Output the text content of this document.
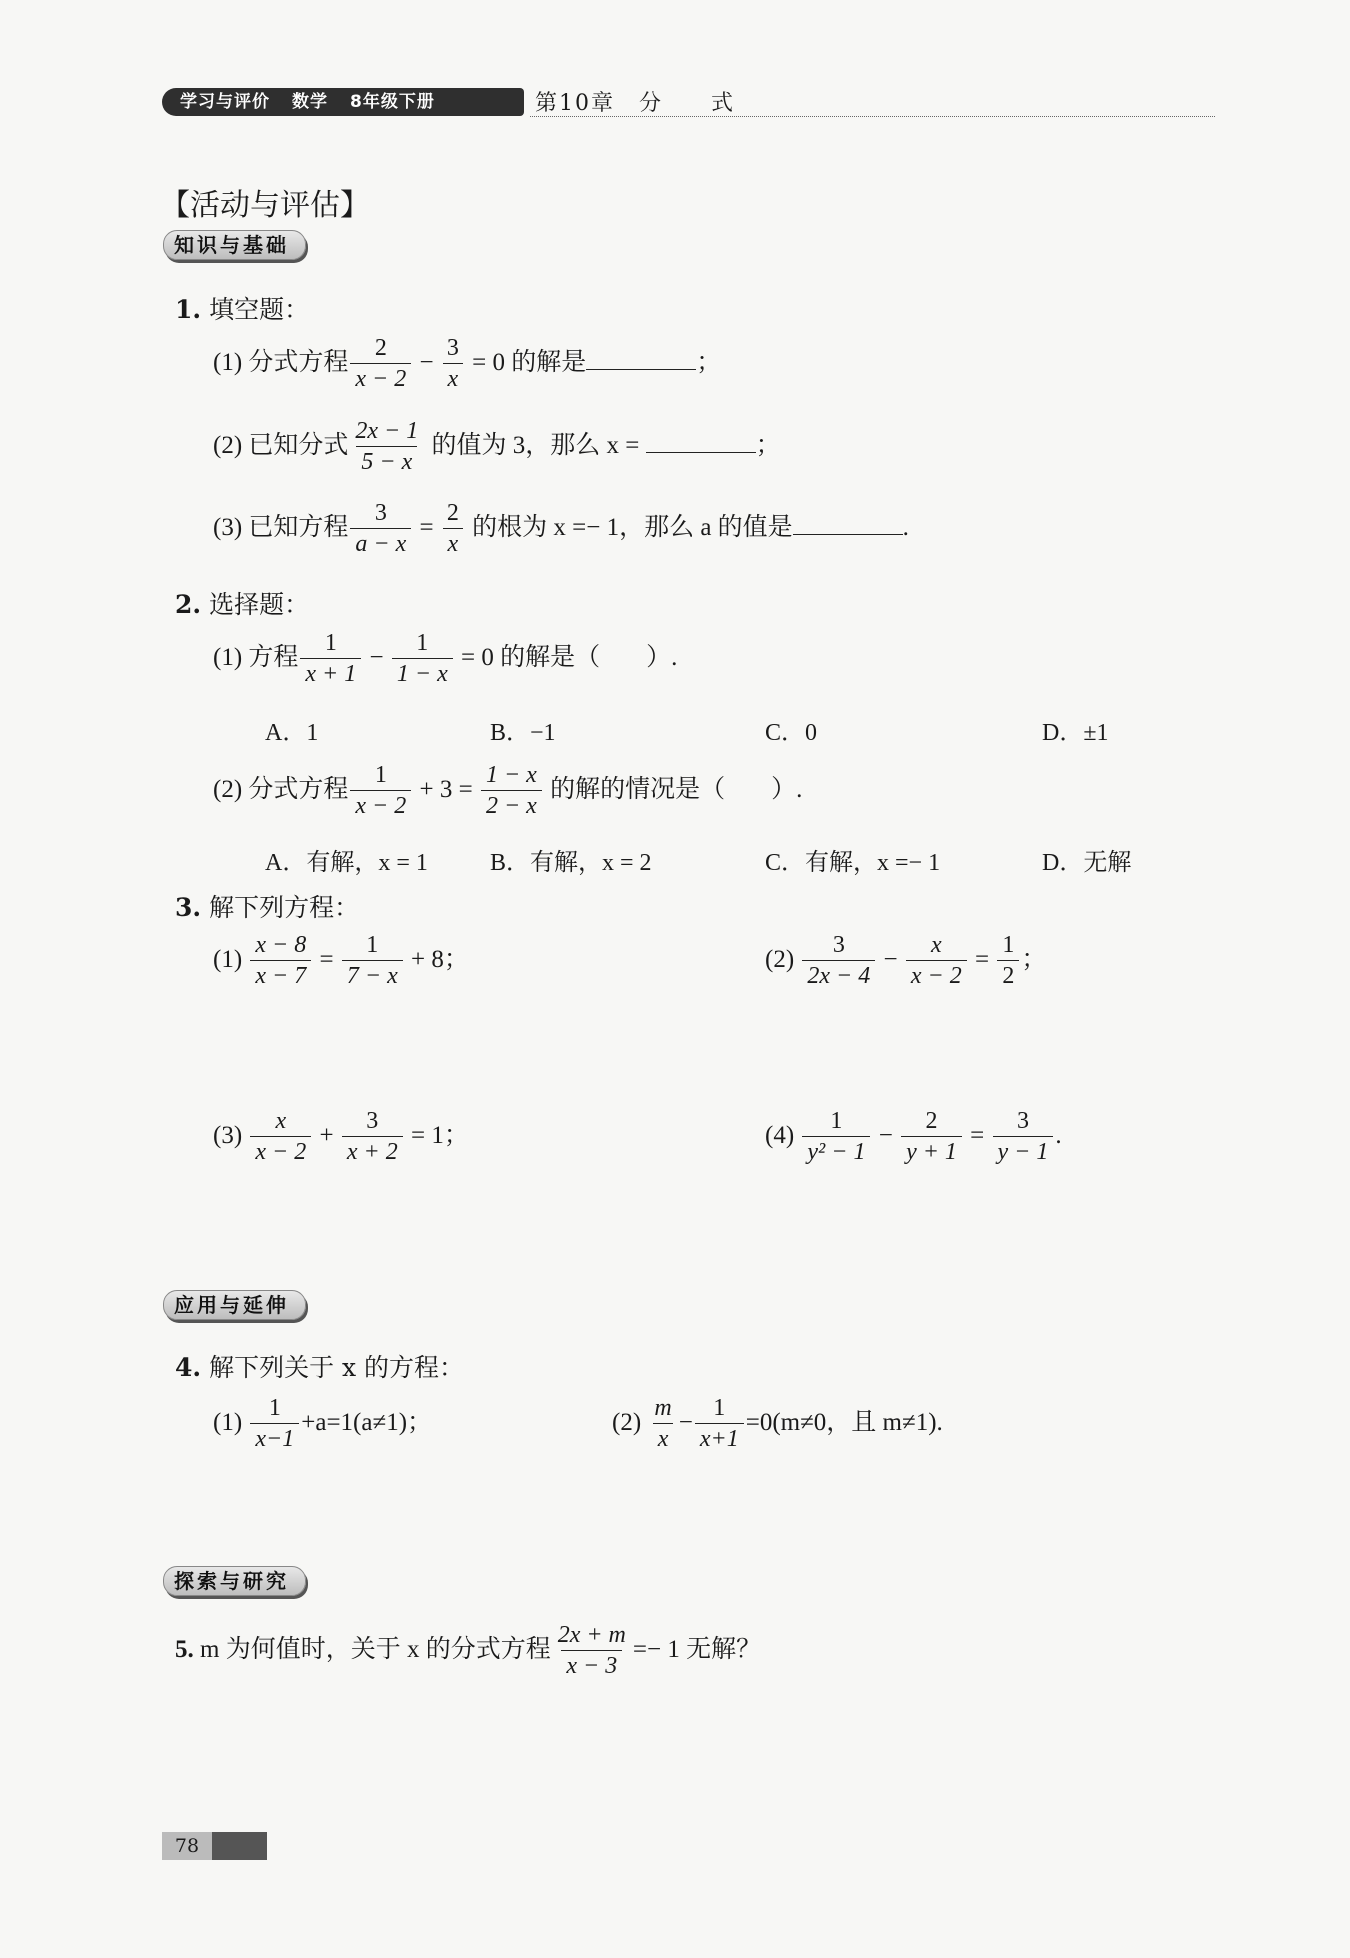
学习与评价 数学 8年级下册	第10章　分　　式
【活动与评估】
知识与基础
1. 填空题：
(1) 分式方程 $\frac{2}{x - 2} - \frac{3}{x} = 0$ 的解是	；
(2) 已知分式 $\frac{2x - 1}{5 - x}$ 的值为 3，那么 x =	；
(3) 已知方程 $\frac{3}{a - x} = \frac{2}{x}$ 的根为 x =− 1，那么 a 的值是	.
2. 选择题：
(1) 方程 $\frac{1}{x + 1} - \frac{1}{1 - x} = 0$ 的解是（ ）.
A．1	B．−1	C．0	D．±1
(2) 分式方程 $\frac{1}{x - 2} + 3 = \frac{1 - x}{2 - x}$ 的解的情况是（ ）.
A．有解，x = 1	B．有解，x = 2	C．有解，x =− 1	D．无解
3. 解下列方程：
$(1) \frac{x - 8}{x - 7} = \frac{1}{7 - x} + 8$；	$(2) \frac{3}{2x - 4} - \frac{x}{x - 2} = \frac{1}{2}$ ；
$(3) \frac{x}{x - 2} + \frac{3}{x + 2} = 1$；	$(4) \frac{1}{\text{y² − 1}} - \frac{2}{y + 1} = \frac{3}{y - 1}$ .
应用与延伸
4. 解下列关于 x 的方程：
$(1) \frac{1}{x-1} +a=1(a\ne 1)$；	$(2) \frac{m}{x} - \frac{1}{x+1} =0(m\ne 0$，且 m≠1).
探索与研究
5. m 为何值时，关于 x 的分式方程 $\frac{2x + m}{x - 3} =- 1$ 无解？
78
